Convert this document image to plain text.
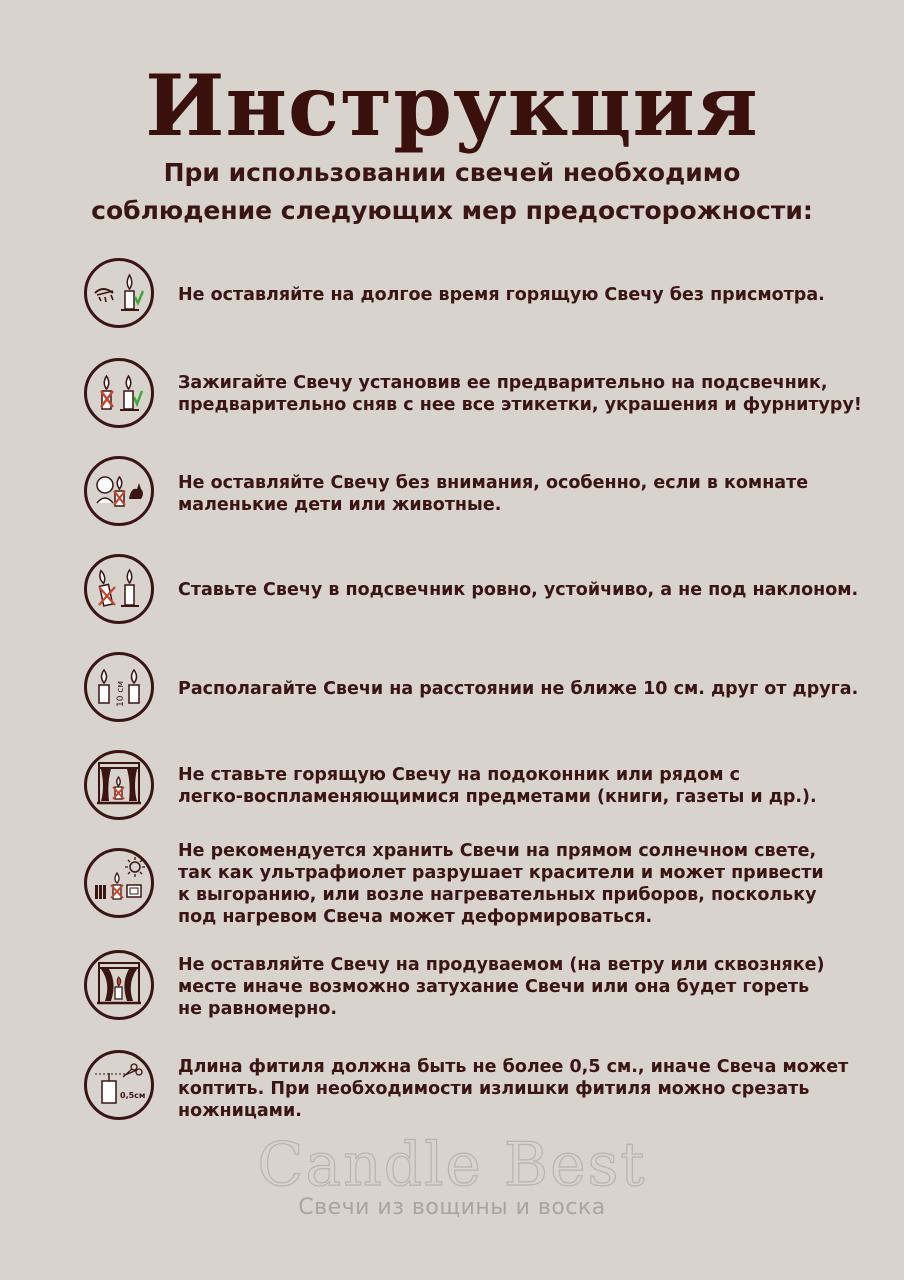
Инструкция
При использовании свечей необходимо
соблюдение следующих мер предосторожности:
Не оставляйте на долгое время горящую Свечу без присмотра.
Зажигайте Свечу установив ее предварительно на подсвечник,
предварительно сняв с нее все этикетки, украшения и фурнитуру!
Не оставляйте Свечу без внимания, особенно, если в комнате
маленькие дети или животные.
Ставьте Свечу в подсвечник ровно, устойчиво, а не под наклоном.
10 см	Располагайте Свечи на расстоянии не ближе 10 см. друг от друга.
Не ставьте горящую Свечу на подоконник или рядом с
легко-воспламеняющимися предметами (книги, газеты и др.).
Не рекомендуется хранить Свечи на прямом солнечном свете,
так как ультрафиолет разрушает красители и может привести
к выгоранию, или возле нагревательных приборов, поскольку
под нагревом Свеча может деформироваться.
Не оставляйте Свечу на продуваемом (на ветру или сквозняке)
месте иначе возможно затухание Свечи или она будет гореть
не равномерно.
0,5см
Длина фитиля должна быть не более 0,5 см., иначе Свеча может
коптить. При необходимости излишки фитиля можно срезать
ножницами.
Candle Best
Свечи из вощины и воска
